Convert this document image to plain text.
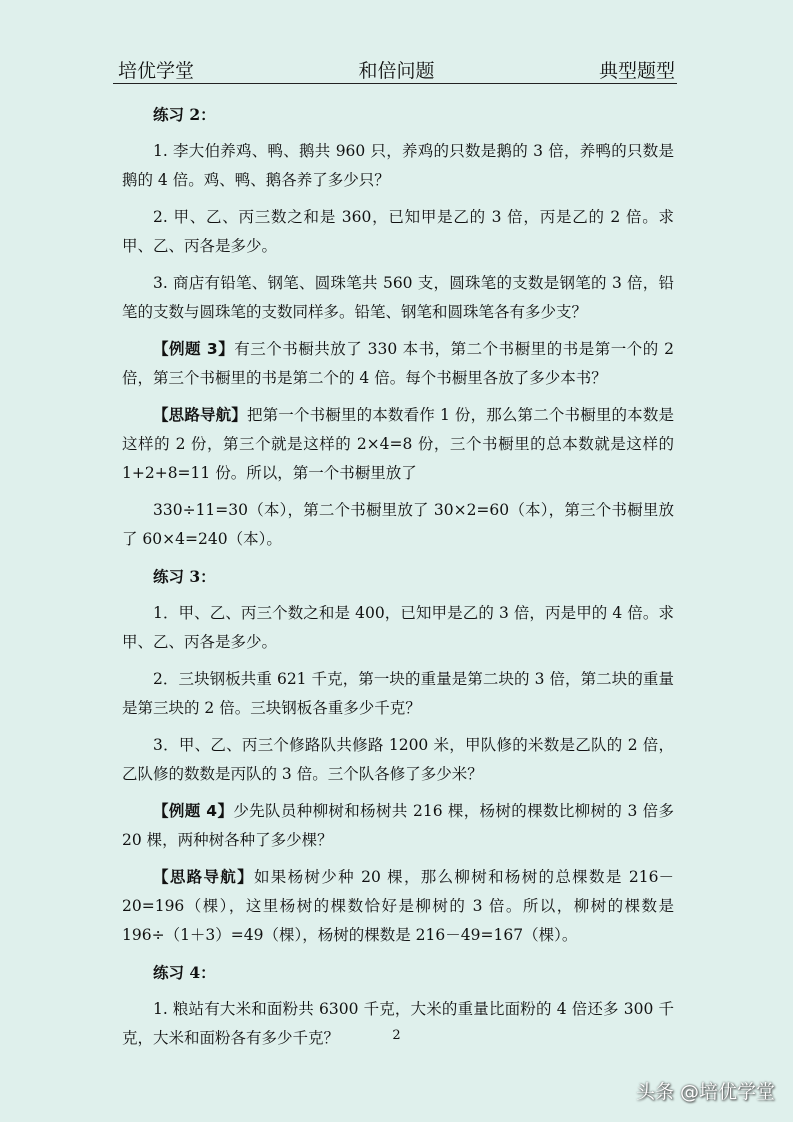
培优学堂	和倍问题	典型题型

练习 2：

1. 李大伯养鸡、鸭、鹅共 960 只，养鸡的只数是鹅的 3 倍，养鸭的只数是鹅的 4 倍。鸡、鸭、鹅各养了多少只？

2. 甲、乙、丙三数之和是 360，已知甲是乙的 3 倍，丙是乙的 2 倍。求甲、乙、丙各是多少。

3. 商店有铅笔、钢笔、圆珠笔共 560 支，圆珠笔的支数是钢笔的 3 倍，铅笔的支数与圆珠笔的支数同样多。铅笔、钢笔和圆珠笔各有多少支？

【例题 3】有三个书橱共放了 330 本书，第二个书橱里的书是第一个的 2 倍，第三个书橱里的书是第二个的 4 倍。每个书橱里各放了多少本书？

【思路导航】把第一个书橱里的本数看作 1 份，那么第二个书橱里的本数是这样的 2 份，第三个就是这样的 2×4=8 份，三个书橱里的总本数就是这样的 1+2+8=11 份。所以，第一个书橱里放了

330÷11=30（本），第二个书橱里放了 30×2=60（本），第三个书橱里放了 60×4=240（本）。

练习 3：

1．甲、乙、丙三个数之和是 400，已知甲是乙的 3 倍，丙是甲的 4 倍。求甲、乙、丙各是多少。

2．三块钢板共重 621 千克，第一块的重量是第二块的 3 倍，第二块的重量是第三块的 2 倍。三块钢板各重多少千克？

3．甲、乙、丙三个修路队共修路 1200 米，甲队修的米数是乙队的 2 倍，乙队修的数数是丙队的 3 倍。三个队各修了多少米？

【例题 4】少先队员种柳树和杨树共 216 棵，杨树的棵数比柳树的 3 倍多 20 棵，两种树各种了多少棵？

【思路导航】如果杨树少种 20 棵，那么柳树和杨树的总棵数是 216－20=196（棵），这里杨树的棵数恰好是柳树的 3 倍。所以，柳树的棵数是 196÷（1＋3）=49（棵），杨树的棵数是 216－49=167（棵）。

练习 4：

1. 粮站有大米和面粉共 6300 千克，大米的重量比面粉的 4 倍还多 300 千克，大米和面粉各有多少千克？	2
头条 @培优学堂
